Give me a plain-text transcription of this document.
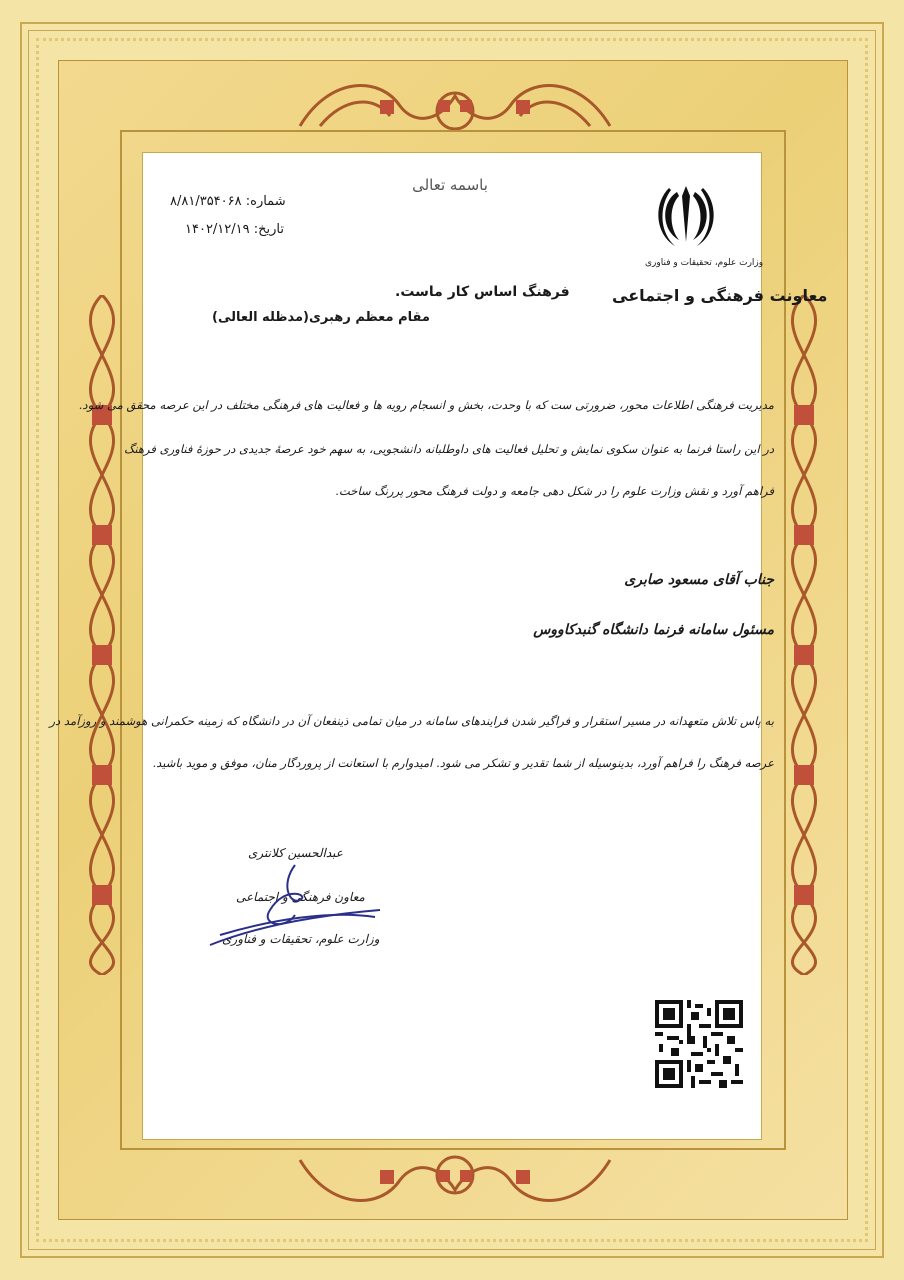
باسمه تعالی
شماره: ۸/۸۱/۳۵۴۰۶۸
تاریخ: ۱۴۰۲/۱۲/۱۹
وزارت علوم، تحقیقات و فناوری
معاونت فرهنگی و اجتماعی
فرهنگ اساس کار ماست.
مقام معظم رهبری(مدظله العالی)
مدیریت فرهنگی اطلاعات محور، ضرورتی ست که با وحدت، بخش و انسجام رویه ها و فعالیت های فرهنگی مختلف در این عرصه محقق می شود.
در این راستا فرنما به عنوان سکوی نمایش و تحلیل فعالیت های داوطلبانه دانشجویی، به سهم خود عرصهٔ جدیدی در حوزهٔ فناوری فرهنگ
فراهم آورد و نقش وزارت علوم را در شکل دهی جامعه و دولت فرهنگ محور پررنگ ساخت.
جناب آقای مسعود صابری
مسئول سامانه فرنما دانشگاه گنبدکاووس
به پاس تلاش متعهدانه در مسیر استقرار و فراگیر شدن فرایندهای سامانه در میان تمامی ذینفعان آن در دانشگاه که زمینه حکمرانی هوشمند و روزآمد در
عرصه فرهنگ را فراهم آورد، بدینوسیله از شما تقدیر و تشکر می شود. امیدوارم با استعانت از پروردگار منان، موفق و موید باشید.
عبدالحسین کلانتری
معاون فرهنگی و اجتماعی
وزارت علوم، تحقیقات و فناوری
